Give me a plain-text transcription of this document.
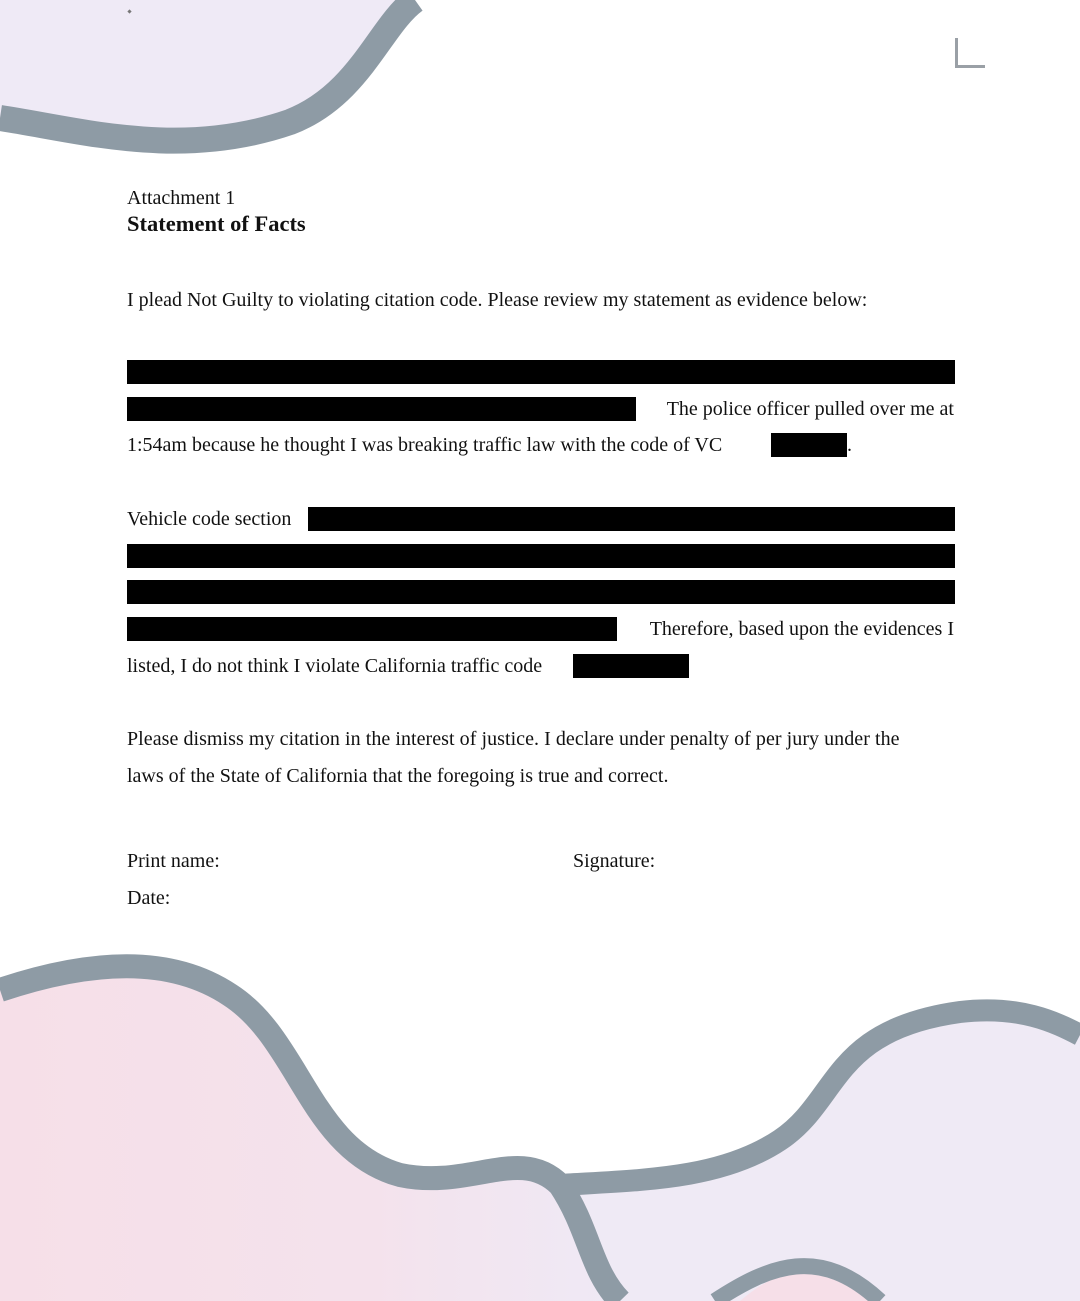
Attachment 1
Statement of Facts
I plead Not Guilty to violating citation code. Please review my statement as evidence below:
The police officer pulled over me at
1:54am because he thought I was breaking traffic law with the code of VC	.
Vehicle code section
Therefore, based upon the evidences I
listed, I do not think I violate California traffic code
Please dismiss my citation in the interest of justice. I declare under penalty of per jury under the
laws of the State of California that the foregoing is true and correct.
Print name:	Signature:
Date:
